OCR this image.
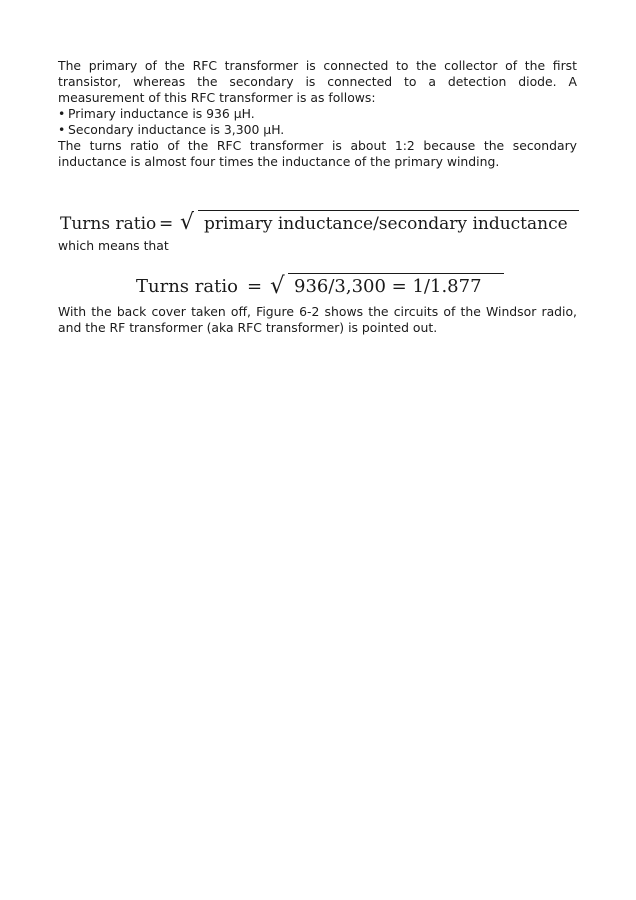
The primary of the RFC transformer is connected to the collector of the first transistor, whereas the secondary is connected to a detection diode. A measurement of this RFC transformer is as follows:

• Primary inductance is 936 µH.

• Secondary inductance is 3,300 µH.

The turns ratio of the RFC transformer is about 1:2 because the secondary inductance is almost four times the inductance of the primary winding.

Turns ratio = √ primary inductance/secondary inductance

which means that

Turns ratio = √ 936/3,300 = 1/1.877

With the back cover taken off, Figure 6-2 shows the circuits of the Windsor radio, and the RF transformer (aka RFC transformer) is pointed out.
